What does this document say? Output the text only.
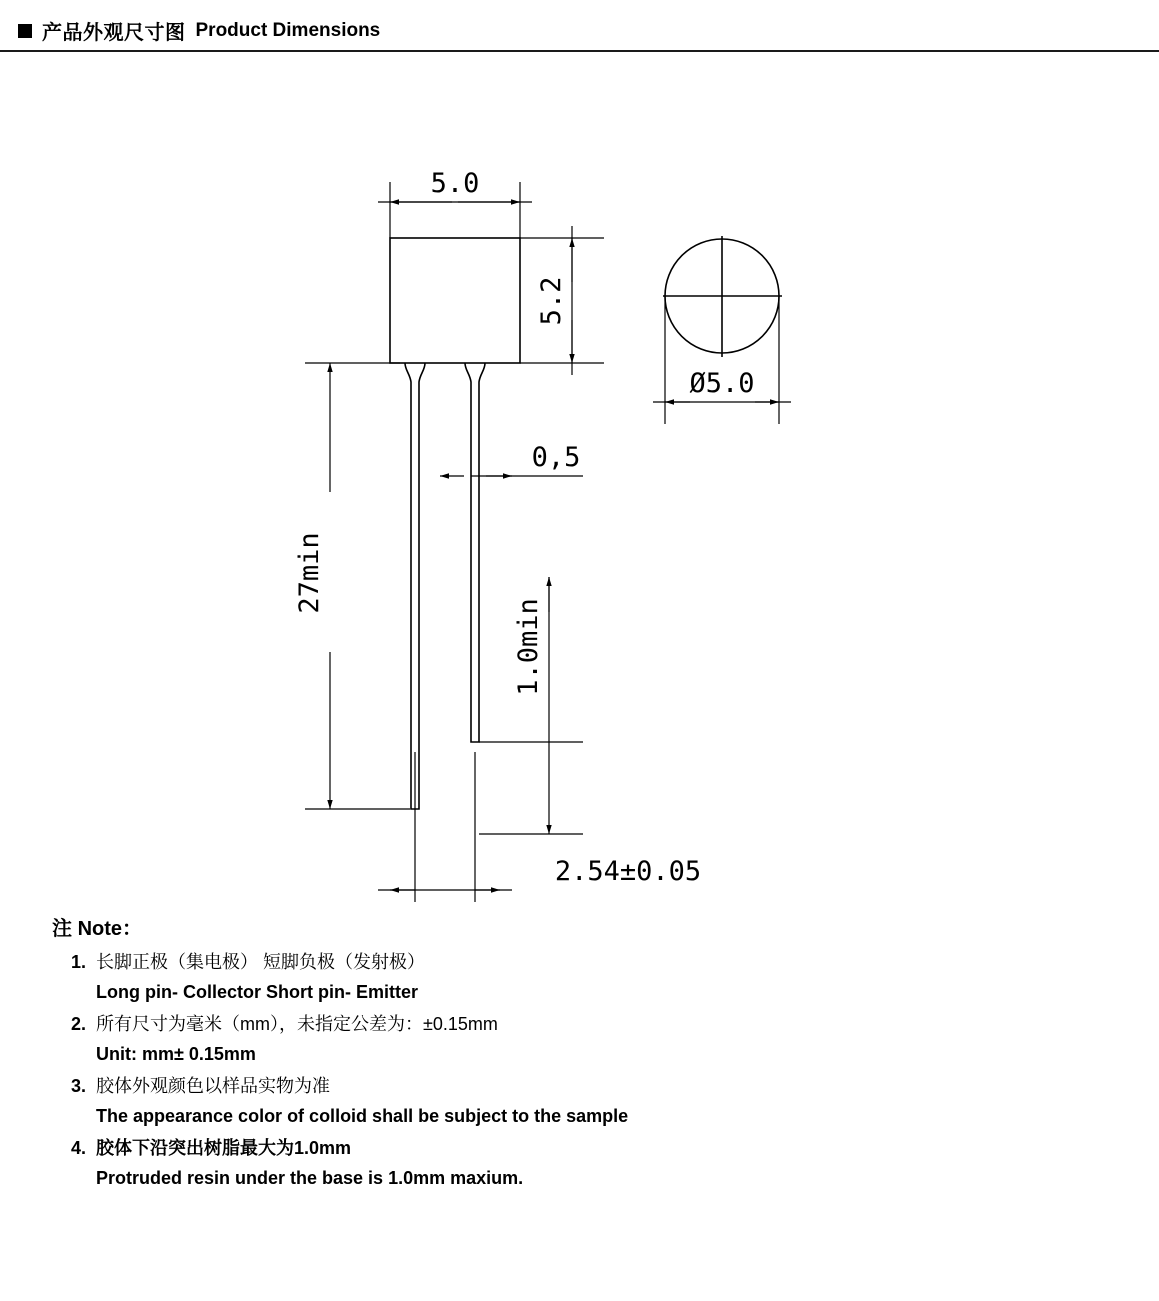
产品外观尺寸图 Product Dimensions
5.0
5.2
Ø5.0
0,5
27min
1.0min
2.54±0.05
注 Note：
1. 长脚正极（集电极） 短脚负极（发射极）
Long pin- Collector Short pin- Emitter
2. 所有尺寸为毫米（mm），未指定公差为：±0.15mm
Unit: mm± 0.15mm
3. 胶体外观颜色以样品实物为准
The appearance color of colloid shall be subject to the sample
4. 胶体下沿突出树脂最大为1.0mm
Protruded resin under the base is 1.0mm maxium.
